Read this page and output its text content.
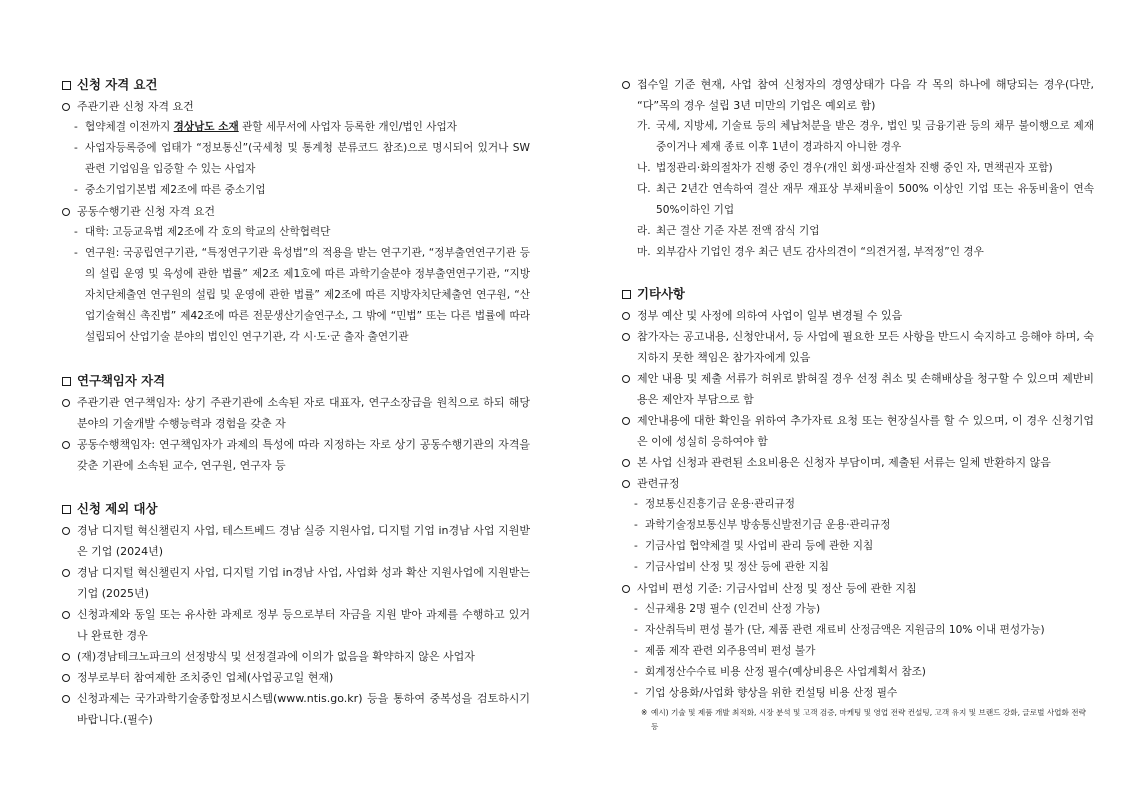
신청 자격 요건
주관기관 신청 자격 요건
- 협약체결 이전까지 경상남도 소재 관할 세무서에 사업자 등록한 개인/법인 사업자
- 사업자등록증에 업태가 “정보통신”(국세청 및 통계청 분류코드 참조)으로 명시되어 있거나 SW관련 기업임을 입증할 수 있는 사업자
- 중소기업기본법 제2조에 따른 중소기업
공동수행기관 신청 자격 요건
- 대학: 고등교육법 제2조에 각 호의 학교의 산학협력단
- 연구원: 국공립연구기관, “특정연구기관 육성법”의 적용을 받는 연구기관, “정부출연연구기관 등의 설립 운영 및 육성에 관한 법률” 제2조 제1호에 따른 과학기술분야 정부출연연구기관, “지방자치단체출연 연구원의 설립 및 운영에 관한 법률” 제2조에 따른 지방자치단체출연 연구원, “산업기술혁신 촉진법” 제42조에 따른 전문생산기술연구소, 그 밖에 “민법” 또는 다른 법률에 따라 설립되어 산업기술 분야의 법인인 연구기관, 각 시·도·군 출자 출연기관
연구책임자 자격
주관기관 연구책임자: 상기 주관기관에 소속된 자로 대표자, 연구소장급을 원칙으로 하되 해당분야의 기술개발 수행능력과 경험을 갖춘 자
공동수행책임자: 연구책임자가 과제의 특성에 따라 지정하는 자로 상기 공동수행기관의 자격을 갖춘 기관에 소속된 교수, 연구원, 연구자 등
신청 제외 대상
경남 디지털 혁신챌린지 사업, 테스트베드 경남 실증 지원사업, 디지털 기업 in경남 사업 지원받은 기업 (2024년)
경남 디지털 혁신챌린지 사업, 디지털 기업 in경남 사업, 사업화 성과 확산 지원사업에 지원받는 기업 (2025년)
신청과제와 동일 또는 유사한 과제로 정부 등으로부터 자금을 지원 받아 과제를 수행하고 있거나 완료한 경우
(재)경남테크노파크의 선정방식 및 선정결과에 이의가 없음을 확약하지 않은 사업자
정부로부터 참여제한 조치중인 업체(사업공고일 현재)
신청과제는 국가과학기술종합정보시스템(www.ntis.go.kr) 등을 통하여 중복성을 검토하시기 바랍니다.(필수)
접수일 기준 현재, 사업 참여 신청자의 경영상태가 다음 각 목의 하나에 해당되는 경우(다만, “다”목의 경우 설립 3년 미만의 기업은 예외로 함)
가. 국세, 지방세, 기술료 등의 체납처분을 받은 경우, 법인 및 금융기관 등의 채무 불이행으로 제재 중이거나 제재 종료 이후 1년이 경과하지 아니한 경우
나. 법정관리·화의절차가 진행 중인 경우(개인 회생·파산절차 진행 중인 자, 면책권자 포함)
다. 최근 2년간 연속하여 결산 재무 재표상 부채비율이 500% 이상인 기업 또는 유동비율이 연속 50%이하인 기업
라. 최근 결산 기준 자본 전액 잠식 기업
마. 외부감사 기업인 경우 최근 년도 감사의견이 “의견거절, 부적정”인 경우
기타사항
정부 예산 및 사정에 의하여 사업이 일부 변경될 수 있음
참가자는 공고내용, 신청안내서, 등 사업에 필요한 모든 사항을 반드시 숙지하고 응해야 하며, 숙지하지 못한 책임은 참가자에게 있음
제안 내용 및 제출 서류가 허위로 밝혀질 경우 선정 취소 및 손해배상을 청구할 수 있으며 제반비용은 제안자 부담으로 함
제안내용에 대한 확인을 위하여 추가자료 요청 또는 현장실사를 할 수 있으며, 이 경우 신청기업은 이에 성실히 응하여야 함
본 사업 신청과 관련된 소요비용은 신청자 부담이며, 제출된 서류는 일체 반환하지 않음
관련규정
- 정보통신진흥기금 운용·관리규정
- 과학기술정보통신부 방송통신발전기금 운용·관리규정
- 기금사업 협약체결 및 사업비 관리 등에 관한 지침
- 기금사업비 산정 및 정산 등에 관한 지침
사업비 편성 기준: 기금사업비 산정 및 정산 등에 관한 지침
- 신규채용 2명 필수 (인건비 산정 가능)
- 자산취득비 편성 불가 (단, 제품 관련 재료비 산정금액은 지원금의 10% 이내 편성가능)
- 제품 제작 관련 외주용역비 편성 불가
- 회계정산수수료 비용 산정 필수(예상비용은 사업계획서 참조)
- 기업 상용화/사업화 향상을 위한 컨설팅 비용 산정 필수
※ 예시) 기술 및 제품 개발 최적화, 시장 분석 및 고객 검증, 마케팅 및 영업 전략 컨설팅, 고객 유지 및 브랜드 강화, 글로벌 사업화 전략 등
